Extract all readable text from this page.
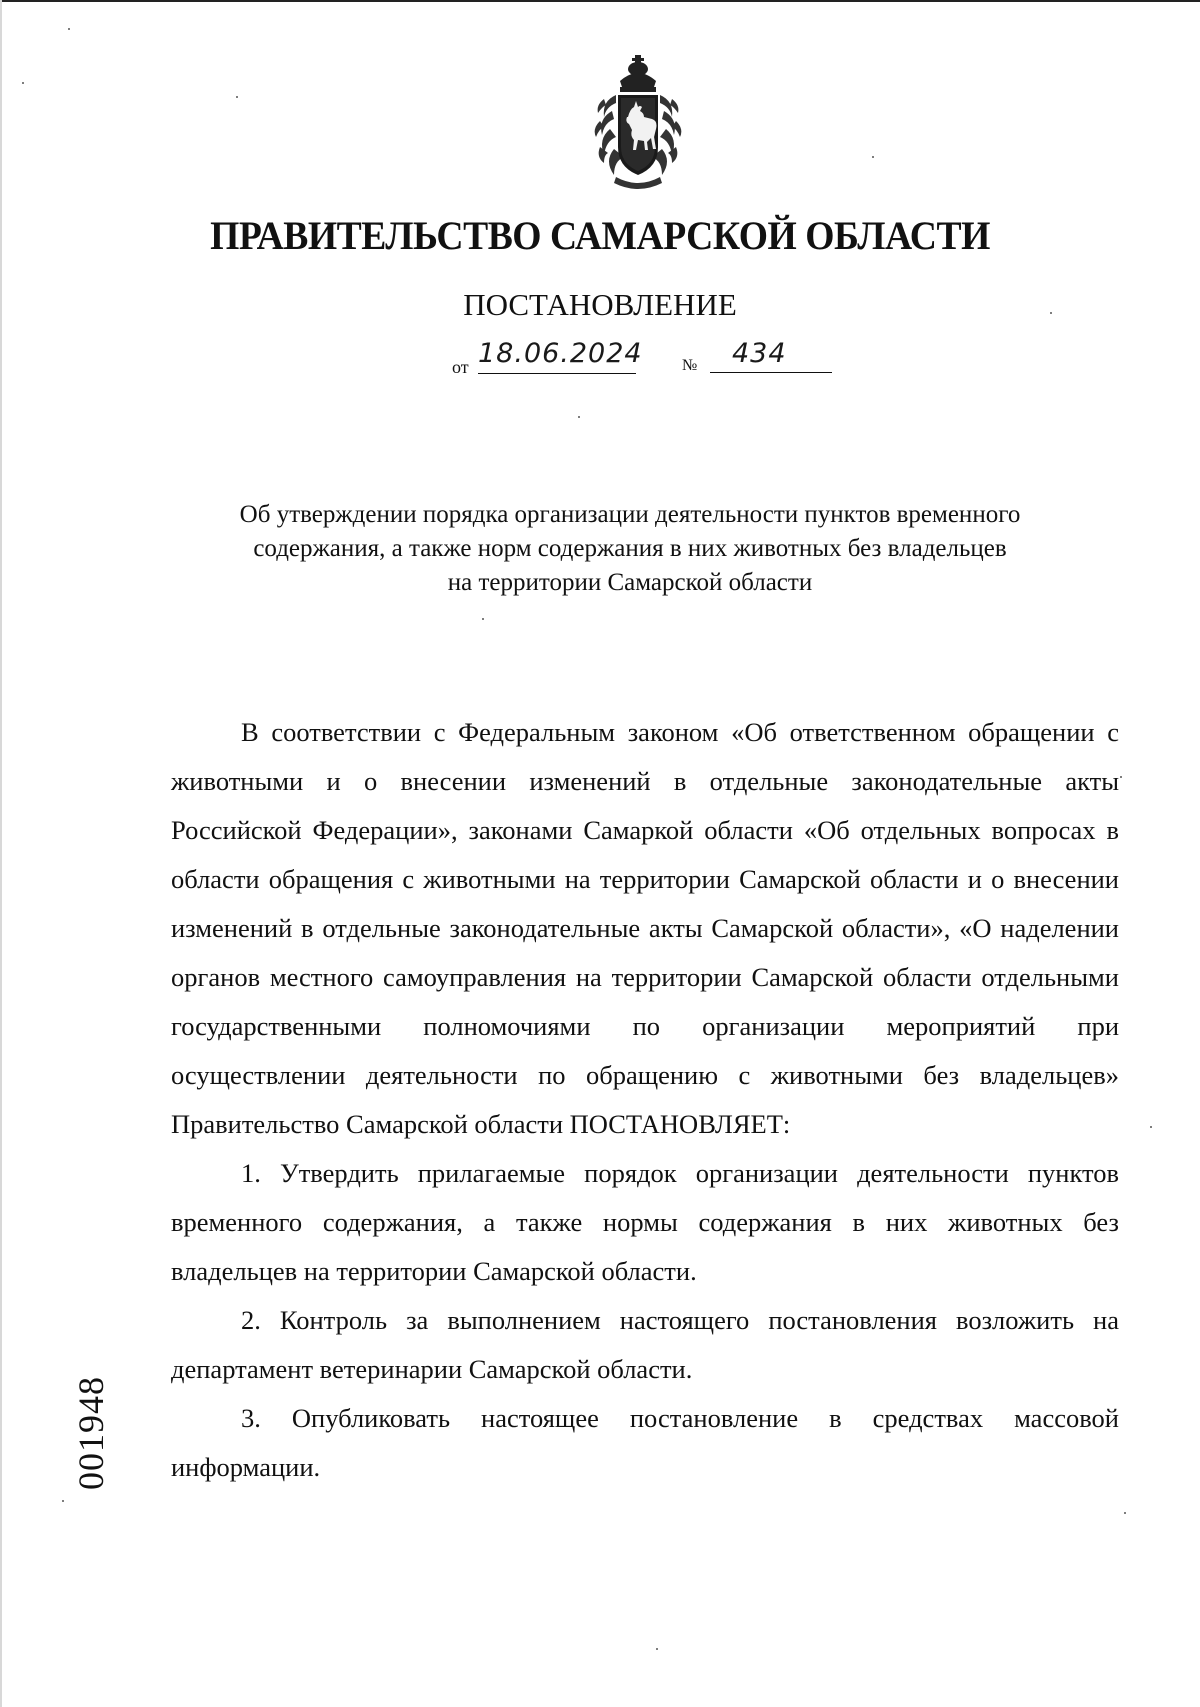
ПРАВИТЕЛЬСТВО САМАРСКОЙ ОБЛАСТИ
ПОСТАНОВЛЕНИЕ
от 18.06.2024 №	434
Об утверждении порядка организации деятельности пунктов временного
содержания, а также норм содержания в них животных без владельцев
на территории Самарской области

В соответствии с Федеральным законом «Об ответственном обращении с животными и о внесении изменений в отдельные законодательные акты Российской Федерации», законами Самаркой области «Об отдельных вопросах в области обращения с животными на территории Самарской области и о внесении изменений в отдельные законодательные акты Самарской области», «О наделении органов местного самоуправления на территории Самарской области отдельными государственными полномочиями по организации мероприятий при осуществлении деятельности по обращению с животными без владельцев» Правительство Самарской области ПОСТАНОВЛЯЕТ:

1. Утвердить прилагаемые порядок организации деятельности пунктов временного содержания, а также нормы содержания в них животных без владельцев на территории Самарской области.

2. Контроль за выполнением настоящего постановления возложить на департамент ветеринарии Самарской области.

3. Опубликовать настоящее постановление в средствах массовой информации.

001948
